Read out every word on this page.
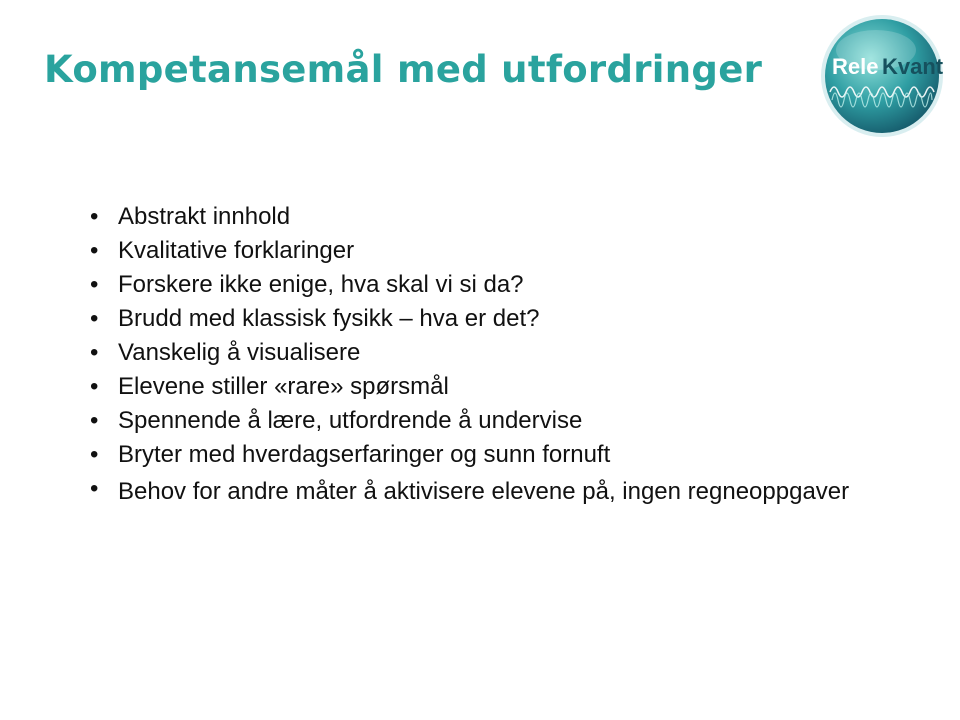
Kompetansemål med utfordringer	Rele Kvant
• Abstrakt innhold
• Kvalitative forklaringer
• Forskere ikke enige, hva skal vi si da?
• Brudd med klassisk fysikk – hva er det?
• Vanskelig å visualisere
• Elevene stiller «rare» spørsmål
• Spennende å lære, utfordrende å undervise
• Bryter med hverdagserfaringer og sunn fornuft
• Behov for andre måter å aktivisere elevene på, ingen regneoppgaver
